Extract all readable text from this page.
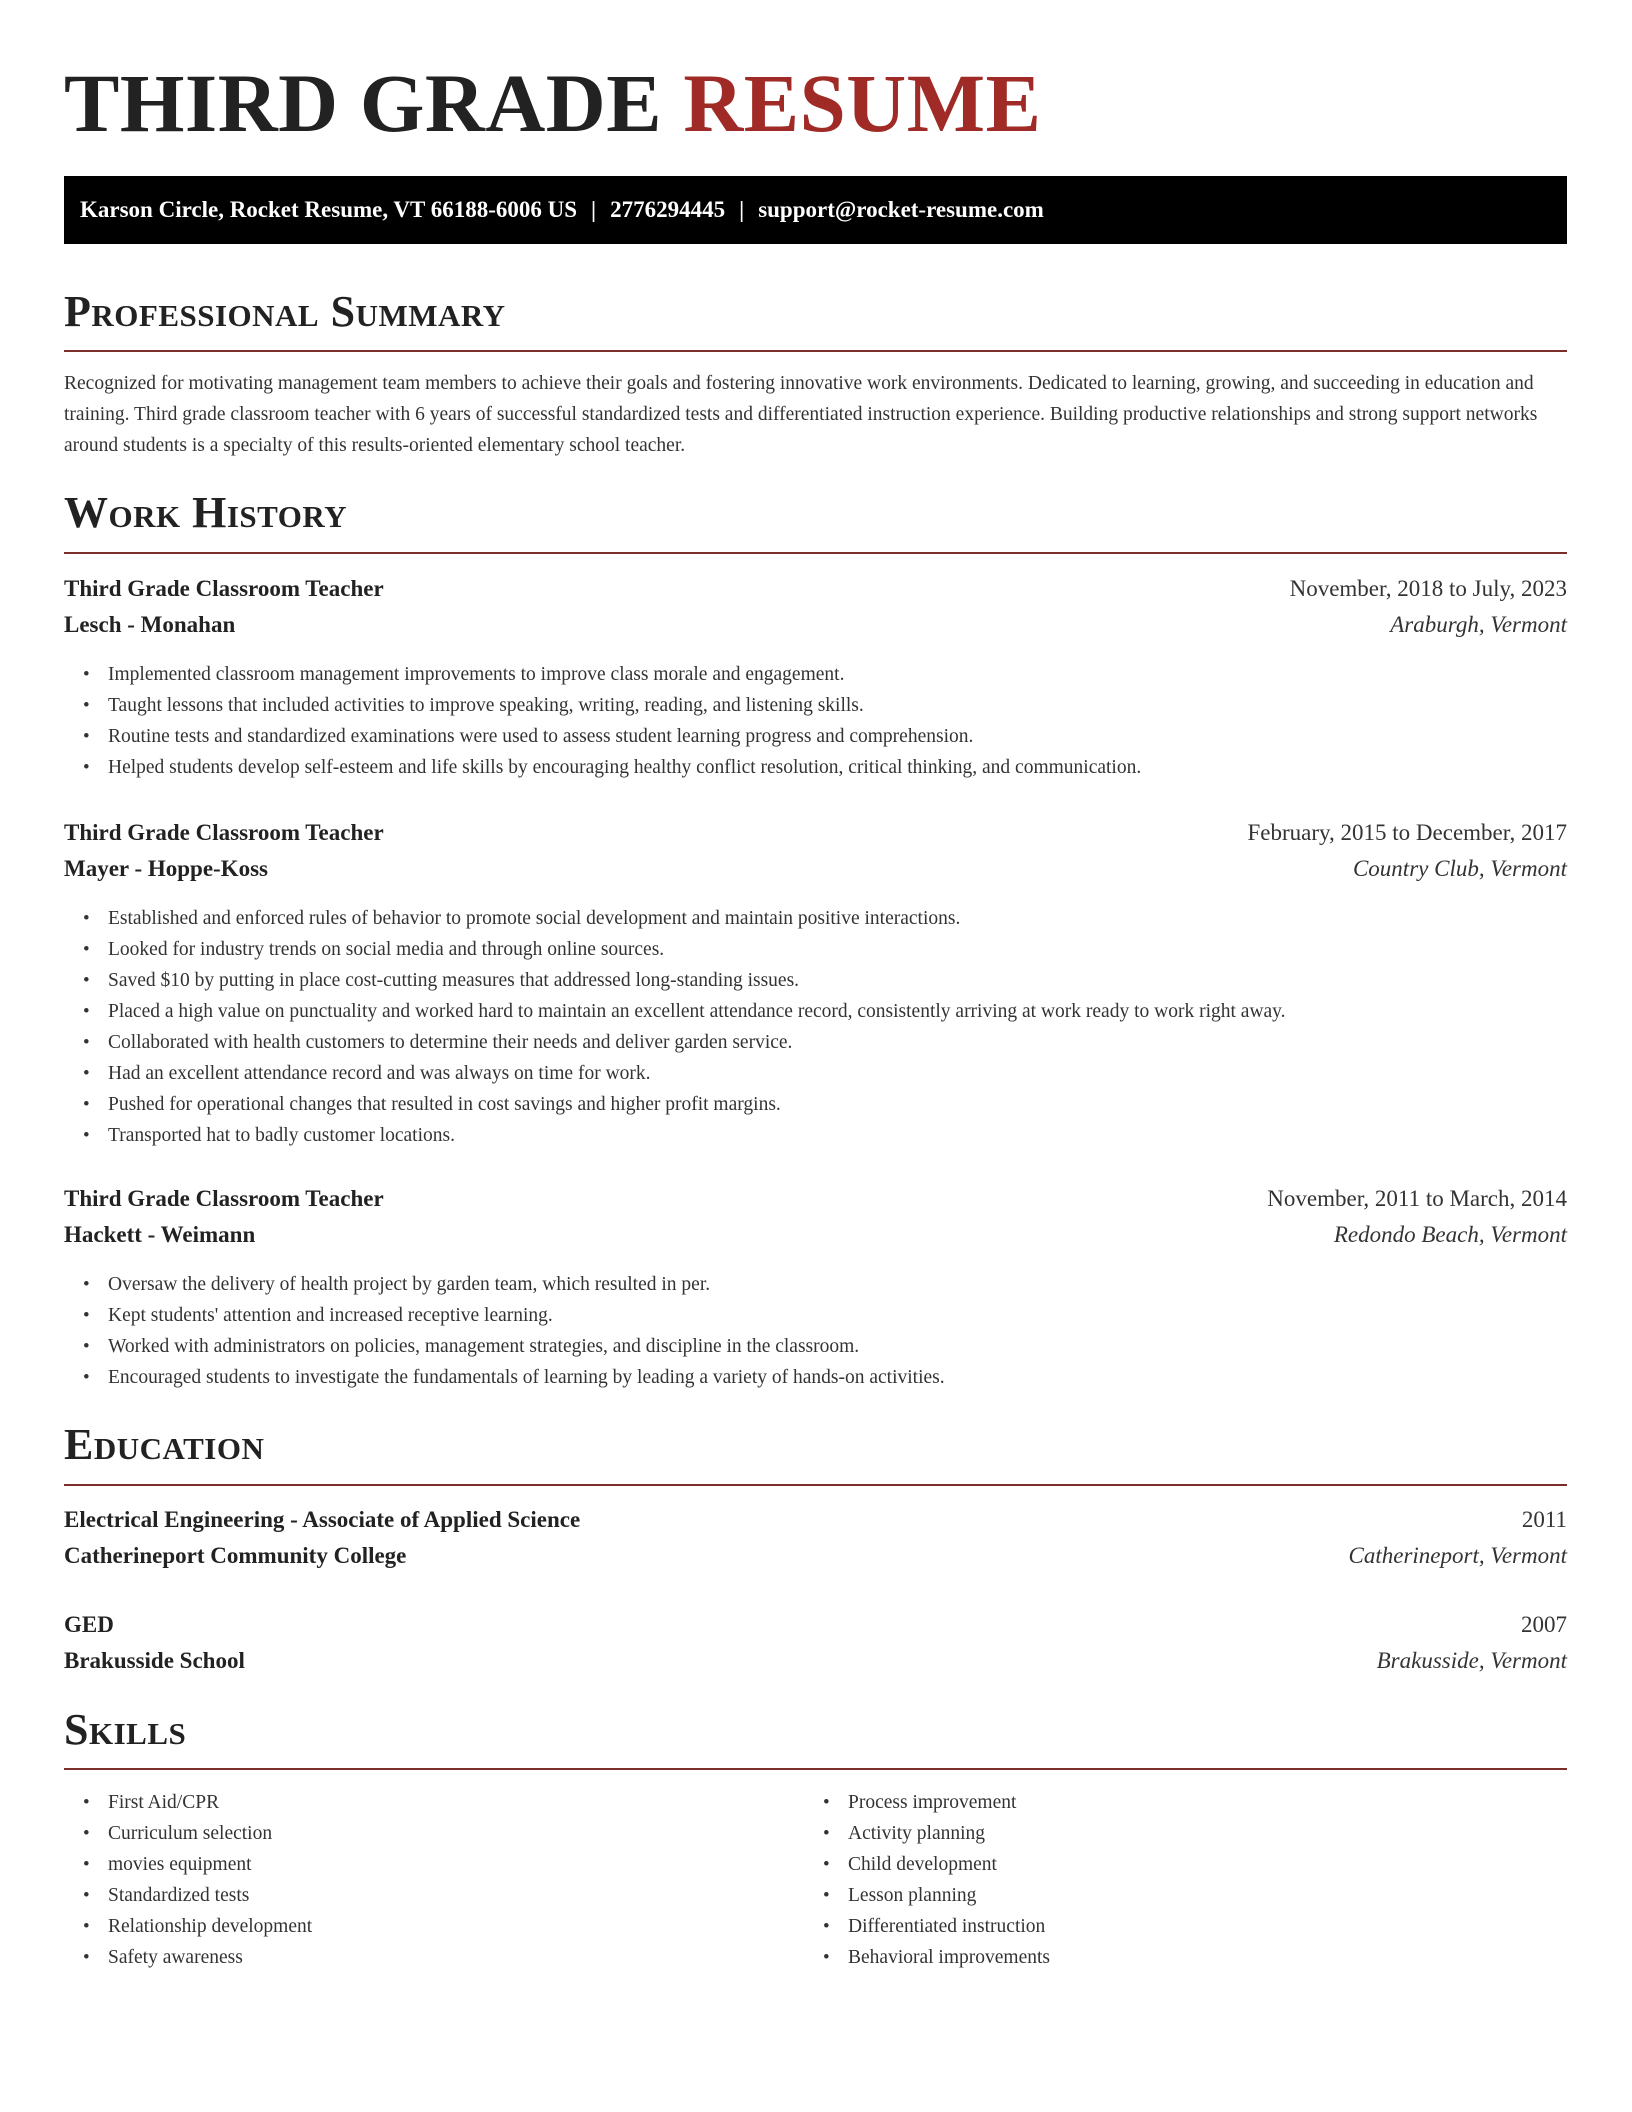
THIRD GRADE RESUME
Karson Circle, Rocket Resume, VT 66188-6006 US | 2776294445 | support@rocket-resume.com
Professional Summary

Recognized for motivating management team members to achieve their goals and fostering innovative work environments. Dedicated to learning, growing, and succeeding in education and training. Third grade classroom teacher with 6 years of successful standardized tests and differentiated instruction experience. Building productive relationships and strong support networks around students is a specialty of this results-oriented elementary school teacher.

Work History
Third Grade Classroom Teacher	November, 2018 to July, 2023
Lesch - Monahan	Araburgh, Vermont
• Implemented classroom management improvements to improve class morale and engagement.
• Taught lessons that included activities to improve speaking, writing, reading, and listening skills.
• Routine tests and standardized examinations were used to assess student learning progress and comprehension.
• Helped students develop self-esteem and life skills by encouraging healthy conflict resolution, critical thinking, and communication.
Third Grade Classroom Teacher	February, 2015 to December, 2017
Mayer - Hoppe-Koss	Country Club, Vermont
• Established and enforced rules of behavior to promote social development and maintain positive interactions.
• Looked for industry trends on social media and through online sources.
• Saved $10 by putting in place cost-cutting measures that addressed long-standing issues.
• Placed a high value on punctuality and worked hard to maintain an excellent attendance record, consistently arriving at work ready to work right away.
• Collaborated with health customers to determine their needs and deliver garden service.
• Had an excellent attendance record and was always on time for work.
• Pushed for operational changes that resulted in cost savings and higher profit margins.
• Transported hat to badly customer locations.
Third Grade Classroom Teacher	November, 2011 to March, 2014
Hackett - Weimann	Redondo Beach, Vermont
• Oversaw the delivery of health project by garden team, which resulted in per.
• Kept students' attention and increased receptive learning.
• Worked with administrators on policies, management strategies, and discipline in the classroom.
• Encouraged students to investigate the fundamentals of learning by leading a variety of hands-on activities.
Education
Electrical Engineering - Associate of Applied Science	2011
Catherineport Community College	Catherineport, Vermont
GED	2007
Brakusside School	Brakusside, Vermont
Skills
• First Aid/CPR
• Curriculum selection
• movies equipment
• Standardized tests
• Relationship development
• Safety awareness
• Process improvement
• Activity planning
• Child development
• Lesson planning
• Differentiated instruction
• Behavioral improvements
